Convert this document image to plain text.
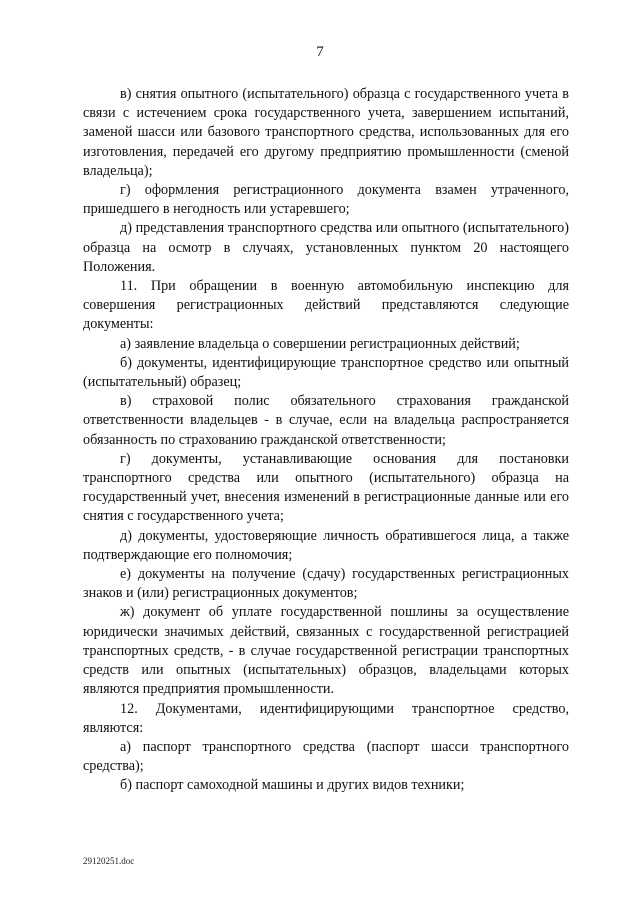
7

в) снятия опытного (испытательного) образца с государственного учета в связи с истечением срока государственного учета, завершением испытаний, заменой шасси или базового транспортного средства, использованных для его изготовления, передачей его другому предприятию промышленности (сменой владельца);

г) оформления регистрационного документа взамен утраченного, пришедшего в негодность или устаревшего;

д) представления транспортного средства или опытного (испытательного) образца на осмотр в случаях, установленных пунктом 20 настоящего Положения.

11. При обращении в военную автомобильную инспекцию для совершения регистрационных действий представляются следующие документы:

а) заявление владельца о совершении регистрационных действий;

б) документы, идентифицирующие транспортное средство или опытный (испытательный) образец;

в) страховой полис обязательного страхования гражданской ответственности владельцев - в случае, если на владельца распространяется обязанность по страхованию гражданской ответственности;

г) документы, устанавливающие основания для постановки транспортного средства или опытного (испытательного) образца на государственный учет, внесения изменений в регистрационные данные или его снятия с государственного учета;

д) документы, удостоверяющие личность обратившегося лица, а также подтверждающие его полномочия;

е) документы на получение (сдачу) государственных регистрационных знаков и (или) регистрационных документов;

ж) документ об уплате государственной пошлины за осуществление юридически значимых действий, связанных с государственной регистрацией транспортных средств, - в случае государственной регистрации транспортных средств или опытных (испытательных) образцов, владельцами которых являются предприятия промышленности.

12. Документами, идентифицирующими транспортное средство, являются:

а) паспорт транспортного средства (паспорт шасси транспортного средства);

б) паспорт самоходной машины и других видов техники;

29120251.doc
